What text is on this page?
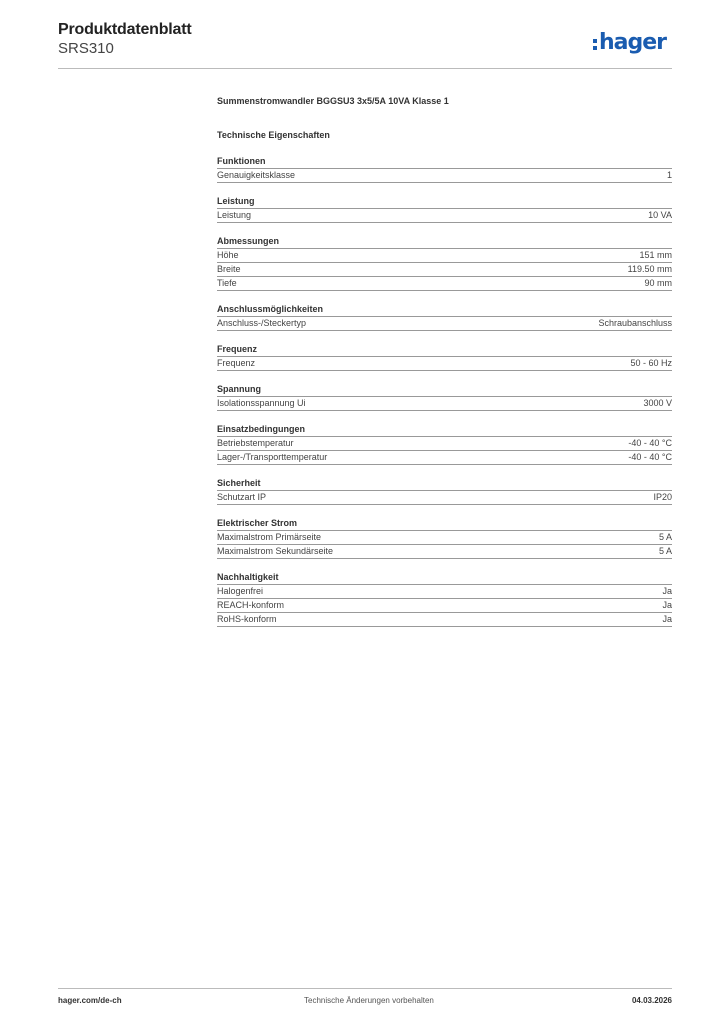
Produktdatenblatt
SRS310	hager
Summenstromwandler BGGSU3 3x5/5A 10VA Klasse 1
Technische Eigenschaften
Funktionen
Genauigkeitsklasse	1
Leistung
Leistung	10 VA
Abmessungen
Höhe	151 mm
Breite	119.50 mm
Tiefe	90 mm
Anschlussmöglichkeiten
Anschluss-/Steckertyp	Schraubanschluss
Frequenz
Frequenz	50 - 60 Hz
Spannung
Isolationsspannung Ui	3000 V
Einsatzbedingungen
Betriebstemperatur	-40 - 40 °C
Lager-/Transporttemperatur	-40 - 40 °C
Sicherheit
Schutzart IP	IP20
Elektrischer Strom
Maximalstrom Primärseite	5 A
Maximalstrom Sekundärseite	5 A
Nachhaltigkeit
Halogenfrei	Ja
REACH-konform	Ja
RoHS-konform	Ja
hager.com/de-ch	Technische Änderungen vorbehalten	04.03.2026
